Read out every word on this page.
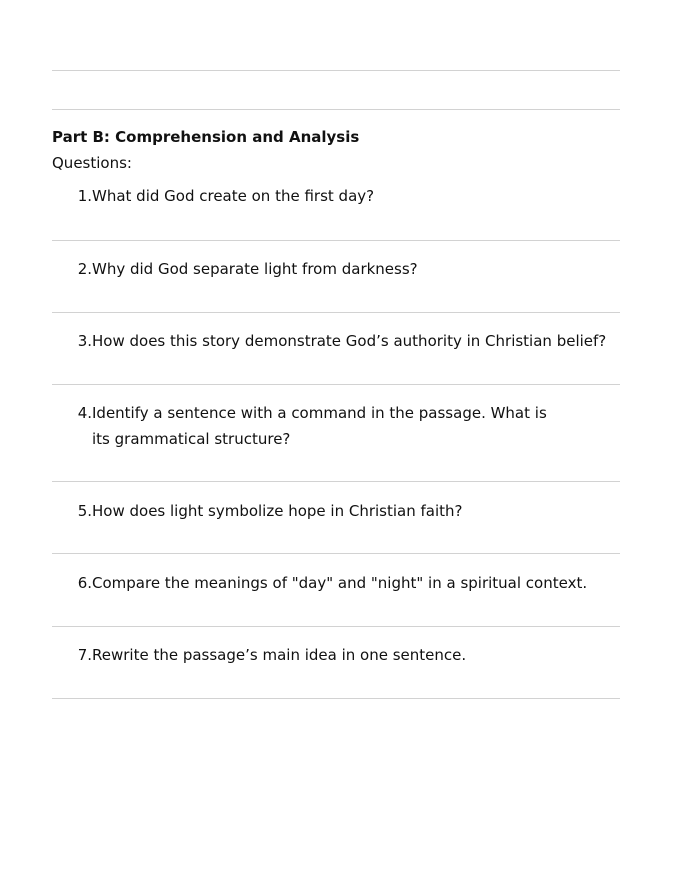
Part B: Comprehension and Analysis
Questions:
1. What did God create on the first day?
2. Why did God separate light from darkness?
3. How does this story demonstrate God’s authority in Christian belief?
4. Identify a sentence with a command in the passage. What is its grammatical structure?
5. How does light symbolize hope in Christian faith?
6. Compare the meanings of "day" and "night" in a spiritual context.
7. Rewrite the passage’s main idea in one sentence.
